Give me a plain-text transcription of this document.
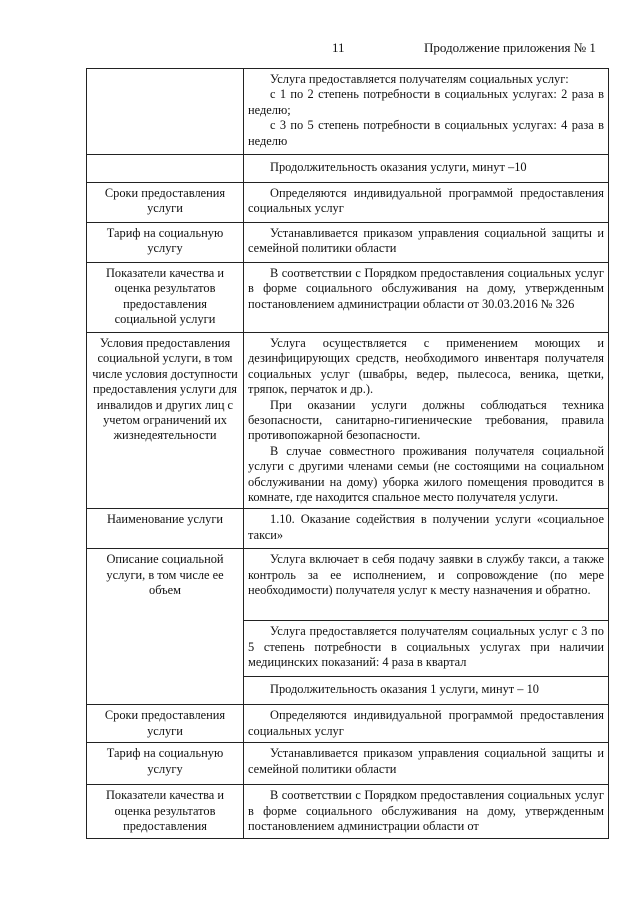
11	Продолжение приложения № 1

	Услуга предоставляется получателям социальных услуг:

с 1 по 2 степень потребности в социальных услугах: 2 раза в неделю;

с 3 по 5 степень потребности в социальных услугах: 4 раза в неделю

	Продолжительность оказания услуги, минут –10

Сроки предоставления услуги	Определяются индивидуальной программой предоставления социальных услуг

Тариф на социальную услугу	Устанавливается приказом управления социальной защиты и семейной политики области

Показатели качества и оценка результатов предоставления социальной услуги	В соответствии с Порядком предоставления социальных услуг в форме социального обслуживания на дому, утвержденным постановлением администрации области от 30.03.2016 № 326

Условия предоставления социальной услуги, в том числе условия доступности предоставления услуги для инвалидов и других лиц с учетом ограничений их жизнедеятельности	Услуга осуществляется с применением моющих и дезинфицирующих средств, необходимого инвентаря получателя социальных услуг (швабры, ведер, пылесоса, веника, щетки, тряпок, перчаток и др.).

При оказании услуги должны соблюдаться техника безопасности, санитарно-гигиенические требования, правила противопожарной безопасности.

В случае совместного проживания получателя социальной услуги с другими членами семьи (не состоящими на социальном обслуживании на дому) уборка жилого помещения проводится в комнате, где находится спальное место получателя услуги.

Наименование услуги	1.10. Оказание содействия в получении услуги «социальное такси»

Описание социальной услуги, в том числе ее объем	Услуга включает в себя подачу заявки в службу такси, а также контроль за ее исполнением, и сопровождение (по мере необходимости) получателя услуг к месту назначения и обратно.

	Услуга предоставляется получателям социальных услуг с 3 по 5 степень потребности в социальных услугах при наличии медицинских показаний: 4 раза в квартал

	Продолжительность оказания 1 услуги, минут – 10

Сроки предоставления услуги	Определяются индивидуальной программой предоставления социальных услуг

Тариф на социальную услугу	Устанавливается приказом управления социальной защиты и семейной политики области

Показатели качества и оценка результатов предоставления	В соответствии с Порядком предоставления социальных услуг в форме социального обслуживания на дому, утвержденным постановлением администрации области от
